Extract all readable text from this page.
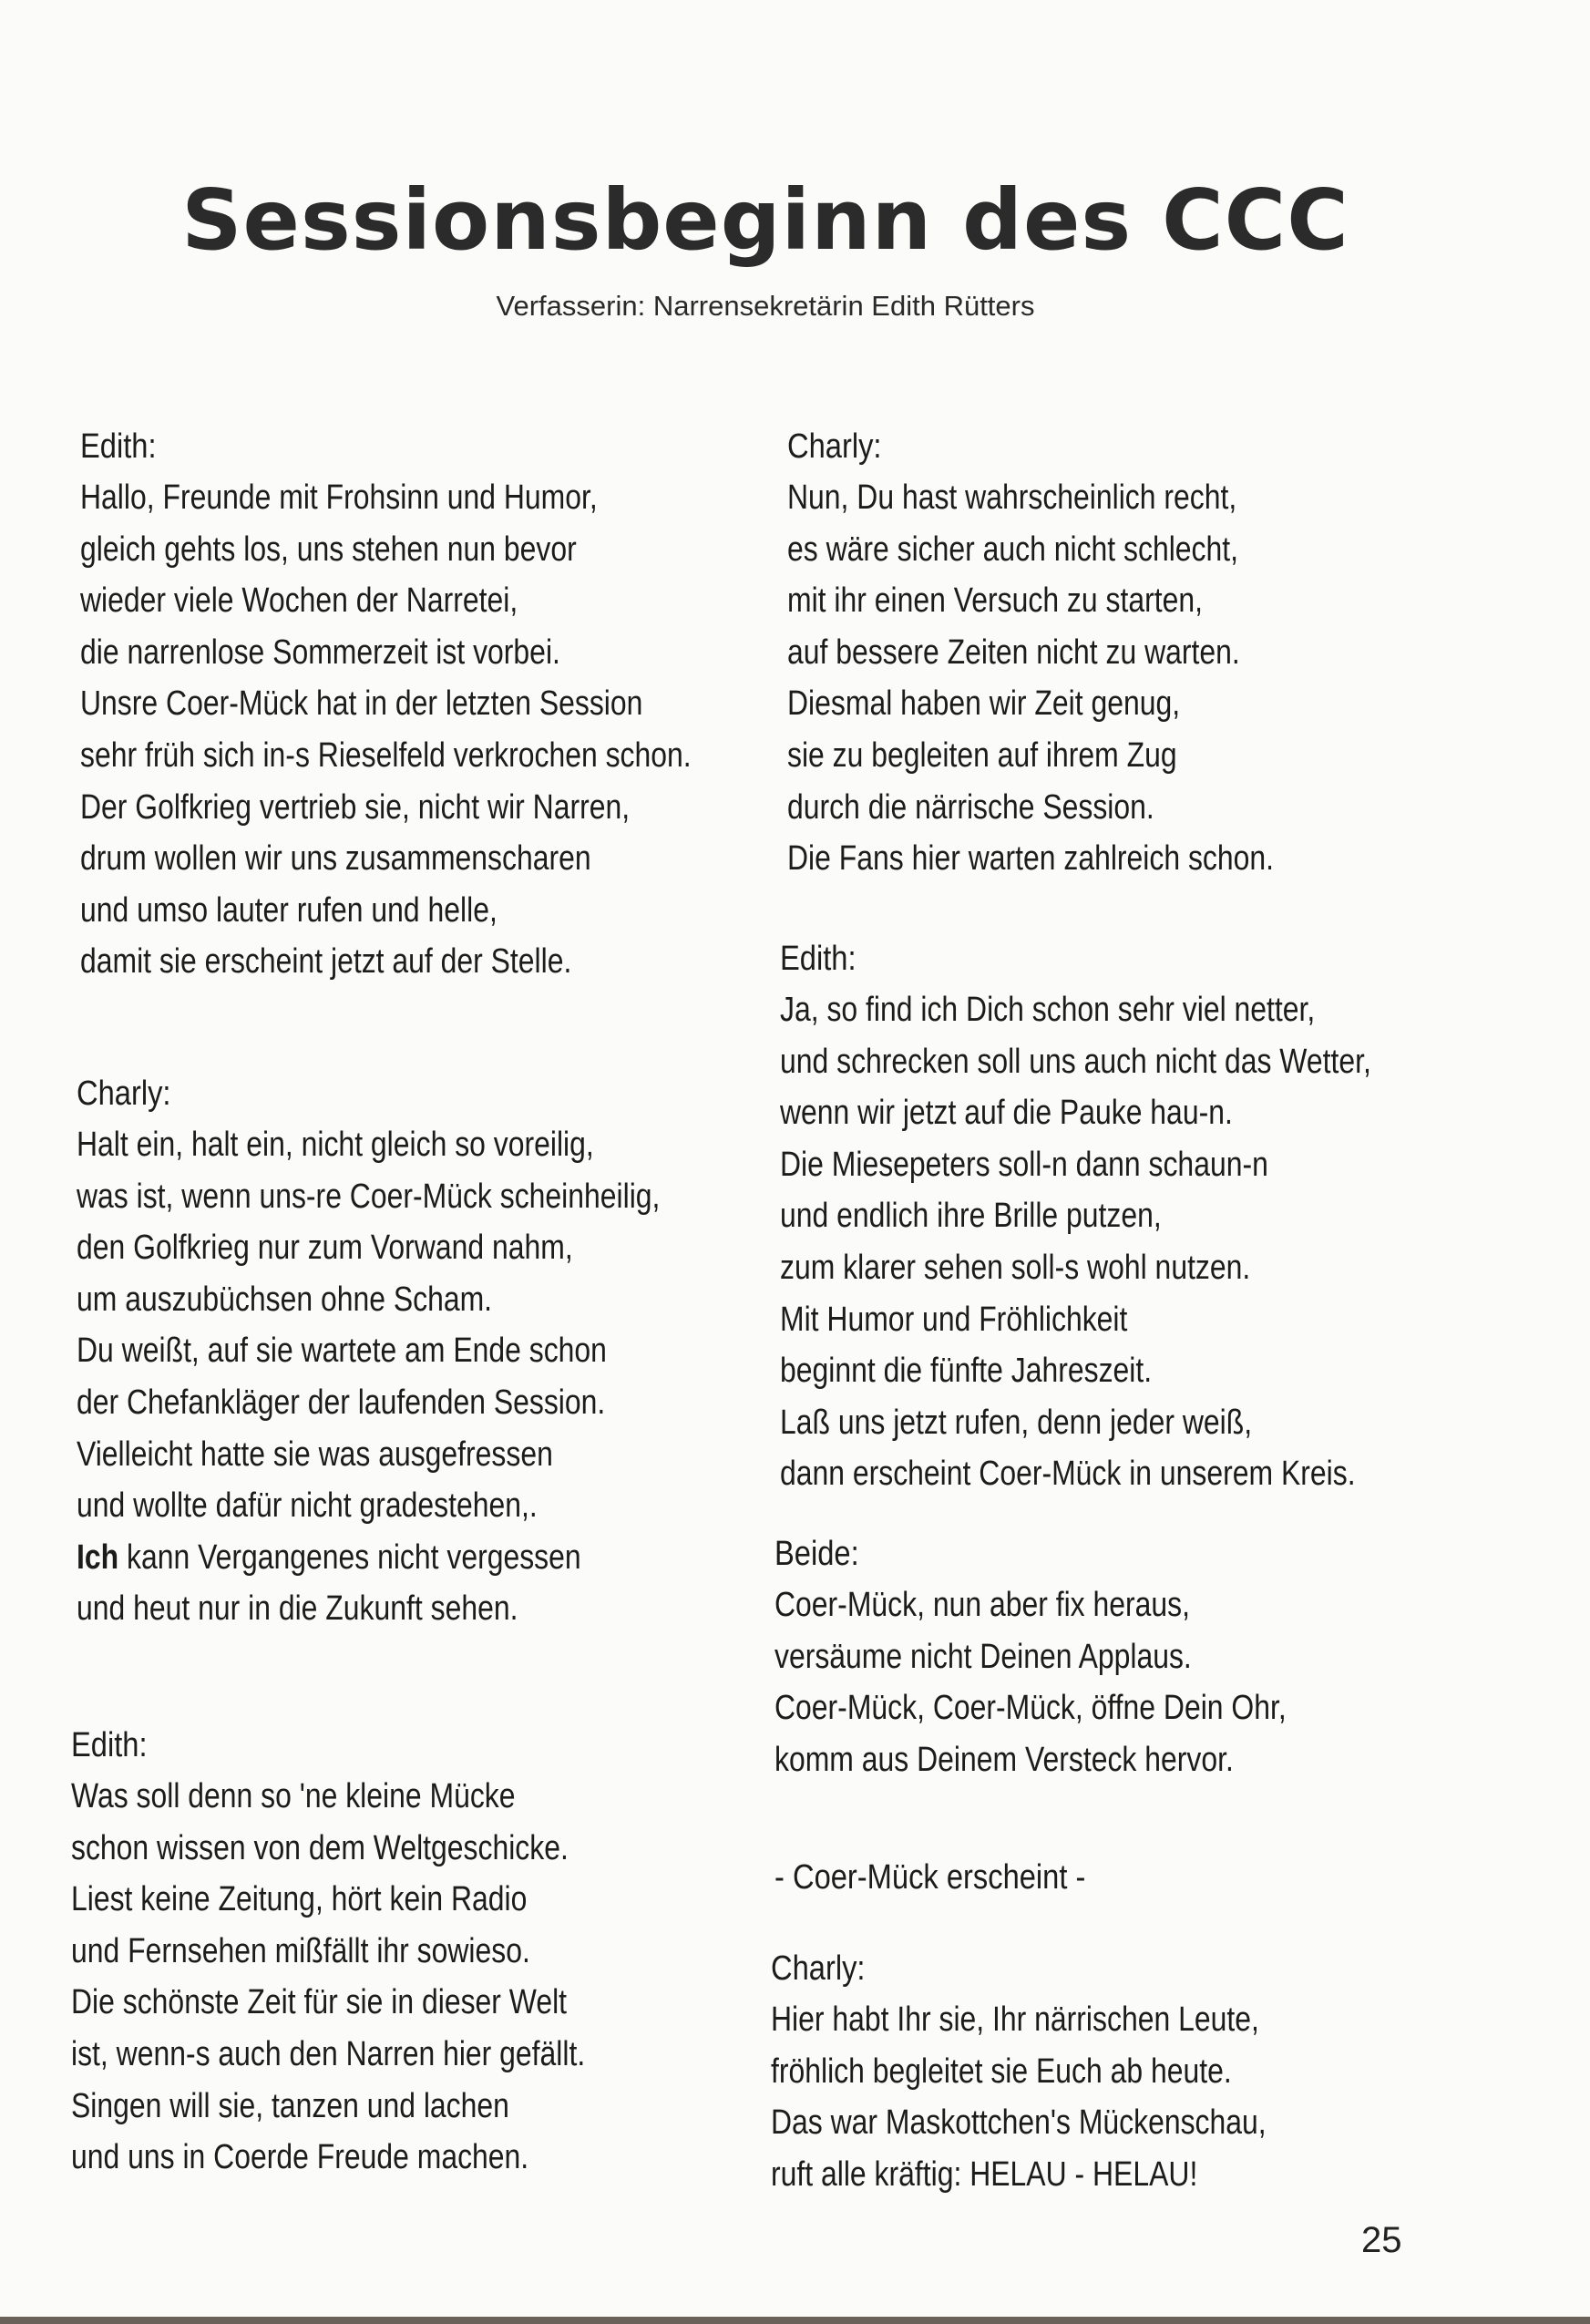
Sessionsbeginn des CCC
Verfasserin: Narrensekretärin Edith Rütters
Edith:
Hallo, Freunde mit Frohsinn und Humor,
gleich gehts los, uns stehen nun bevor
wieder viele Wochen der Narretei,
die narrenlose Sommerzeit ist vorbei.
Unsre Coer-Mück hat in der letzten Session
sehr früh sich in-s Rieselfeld verkrochen schon.
Der Golfkrieg vertrieb sie, nicht wir Narren,
drum wollen wir uns zusammenscharen
und umso lauter rufen und helle,
damit sie erscheint jetzt auf der Stelle.
Charly:
Halt ein, halt ein, nicht gleich so voreilig,
was ist, wenn uns-re Coer-Mück scheinheilig,
den Golfkrieg nur zum Vorwand nahm,
um auszubüchsen ohne Scham.
Du weißt, auf sie wartete am Ende schon
der Chefankläger der laufenden Session.
Vielleicht hatte sie was ausgefressen
und wollte dafür nicht gradestehen,.
Ich kann Vergangenes nicht vergessen
und heut nur in die Zukunft sehen.
Edith:
Was soll denn so 'ne kleine Mücke
schon wissen von dem Weltgeschicke.
Liest keine Zeitung, hört kein Radio
und Fernsehen mißfällt ihr sowieso.
Die schönste Zeit für sie in dieser Welt
ist, wenn-s auch den Narren hier gefällt.
Singen will sie, tanzen und lachen
und uns in Coerde Freude machen.
Charly:
Nun, Du hast wahrscheinlich recht,
es wäre sicher auch nicht schlecht,
mit ihr einen Versuch zu starten,
auf bessere Zeiten nicht zu warten.
Diesmal haben wir Zeit genug,
sie zu begleiten auf ihrem Zug
durch die närrische Session.
Die Fans hier warten zahlreich schon.
Edith:
Ja, so find ich Dich schon sehr viel netter,
und schrecken soll uns auch nicht das Wetter,
wenn wir jetzt auf die Pauke hau-n.
Die Miesepeters soll-n dann schaun-n
und endlich ihre Brille putzen,
zum klarer sehen soll-s wohl nutzen.
Mit Humor und Fröhlichkeit
beginnt die fünfte Jahreszeit.
Laß uns jetzt rufen, denn jeder weiß,
dann erscheint Coer-Mück in unserem Kreis.
Beide:
Coer-Mück, nun aber fix heraus,
versäume nicht Deinen Applaus.
Coer-Mück, Coer-Mück, öffne Dein Ohr,
komm aus Deinem Versteck hervor.
- Coer-Mück erscheint -
Charly:
Hier habt Ihr sie, Ihr närrischen Leute,
fröhlich begleitet sie Euch ab heute.
Das war Maskottchen's Mückenschau,
ruft alle kräftig: HELAU - HELAU!
25
